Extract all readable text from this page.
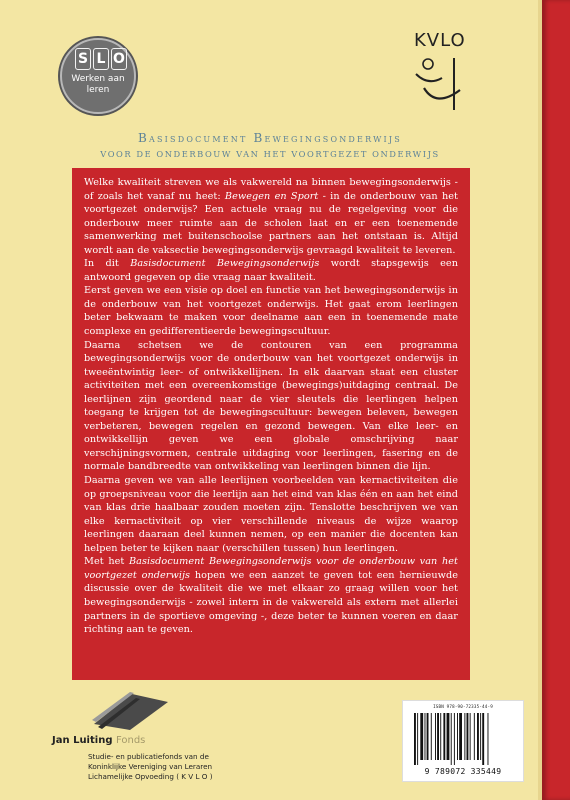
S L O
Werken aan
leren
KVLO
Basisdocument Bewegingsonderwijs
VOOR DE ONDERBOUW VAN HET VOORTGEZET ONDERWIJS

Welke kwaliteit streven we als vakwereld na binnen bewegingsonderwijs - of zoals het vanaf nu heet: Bewegen en Sport - in de onderbouw van het voortgezet onderwijs? Een actuele vraag nu de regelgeving voor die onderbouw meer ruimte aan de scholen laat en er een toenemende samenwerking met buitenschoolse partners aan het ontstaan is. Altijd wordt aan de vaksectie bewegingsonderwijs gevraagd kwaliteit te leveren.

In dit Basisdocument Bewegingsonderwijs wordt stapsgewijs een antwoord gegeven op die vraag naar kwaliteit.

Eerst geven we een visie op doel en functie van het bewegingsonderwijs in de onderbouw van het voortgezet onderwijs. Het gaat erom leerlingen beter bekwaam te maken voor deelname aan een in toenemende mate complexe en gedifferentieerde bewegingscultuur.

Daarna schetsen we de contouren van een programma bewegingsonderwijs voor de onderbouw van het voortgezet onderwijs in tweeëntwintig leer- of ontwikkellijnen. In elk daarvan staat een cluster activiteiten met een overeenkomstige (bewegings)uitdaging centraal. De leerlijnen zijn geordend naar de vier sleutels die leerlingen helpen toegang te krijgen tot de bewegingscultuur: bewegen beleven, bewegen verbeteren, bewegen regelen en gezond bewegen. Van elke leer- en ontwikkellijn geven we een globale omschrijving naar verschijningsvormen, centrale uitdaging voor leerlingen, fasering en de normale bandbreedte van ontwikkeling van leerlingen binnen die lijn.

Daarna geven we van alle leerlijnen voorbeelden van kernactiviteiten die op groepsniveau voor die leerlijn aan het eind van klas één en aan het eind van klas drie haalbaar zouden moeten zijn. Tenslotte beschrijven we van elke kernactiviteit op vier verschillende niveaus de wijze waarop leerlingen daaraan deel kunnen nemen, op een manier die docenten kan helpen beter te kijken naar (verschillen tussen) hun leerlingen.

Met het Basisdocument Bewegingsonderwijs voor de onderbouw van het voortgezet onderwijs hopen we een aanzet te geven tot een hernieuwde discussie over de kwaliteit die we met elkaar zo graag willen voor het bewegingsonderwijs - zowel intern in de vakwereld als extern met allerlei partners in de sportieve omgeving -, deze beter te kunnen voeren en daar richting aan te geven.

Jan Luiting Fonds
Studie- en publicatiefonds van de
Koninklijke Vereniging van Leraren
Lichamelijke Opvoeding ( K V L O )
ISBN 978-90-72335-44-9
9 789072 335449
